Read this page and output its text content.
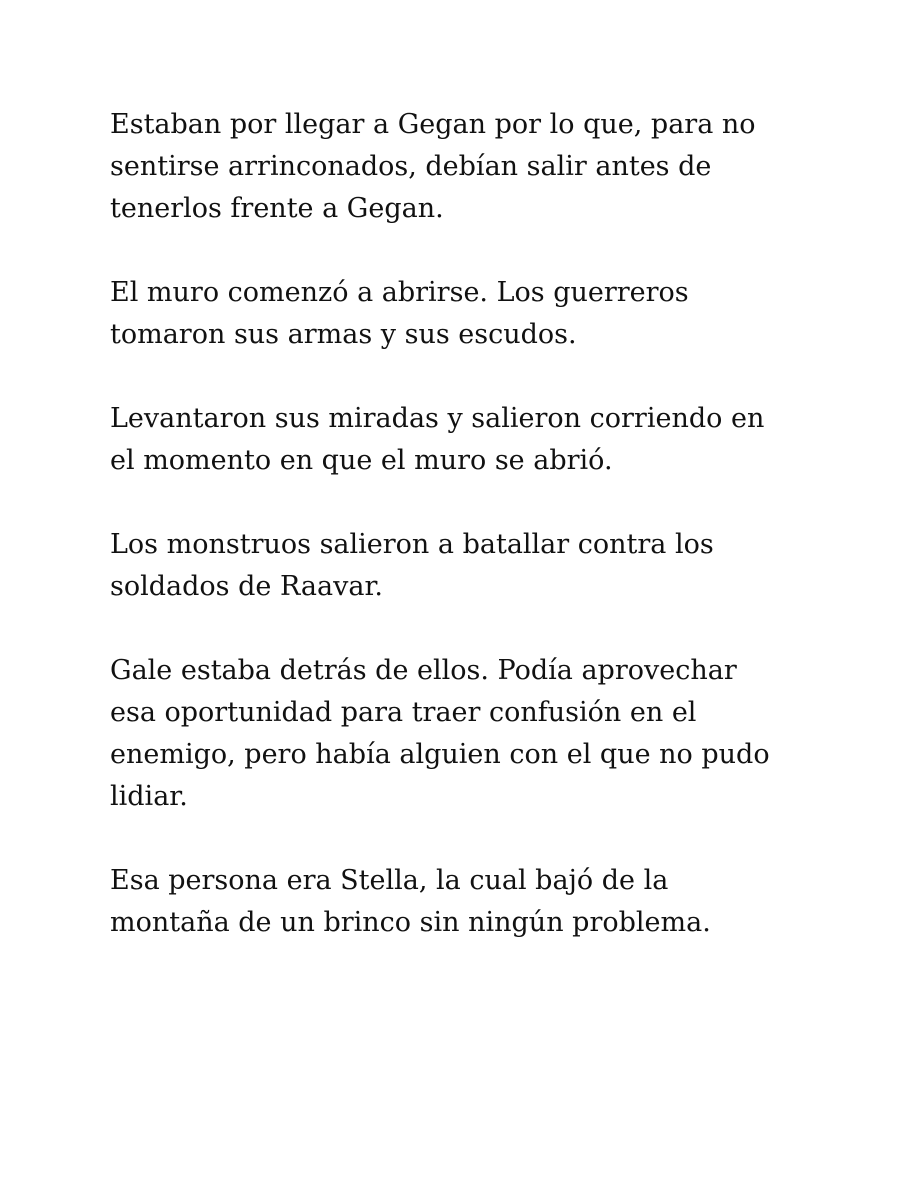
Estaban por llegar a Gegan por lo que, para no
sentirse arrinconados, debían salir antes de
tenerlos frente a Gegan.

El muro comenzó a abrirse. Los guerreros
tomaron sus armas y sus escudos.

Levantaron sus miradas y salieron corriendo en
el momento en que el muro se abrió.

Los monstruos salieron a batallar contra los
soldados de Raavar.

Gale estaba detrás de ellos. Podía aprovechar
esa oportunidad para traer confusión en el
enemigo, pero había alguien con el que no pudo
lidiar.

Esa persona era Stella, la cual bajó de la
montaña de un brinco sin ningún problema.
